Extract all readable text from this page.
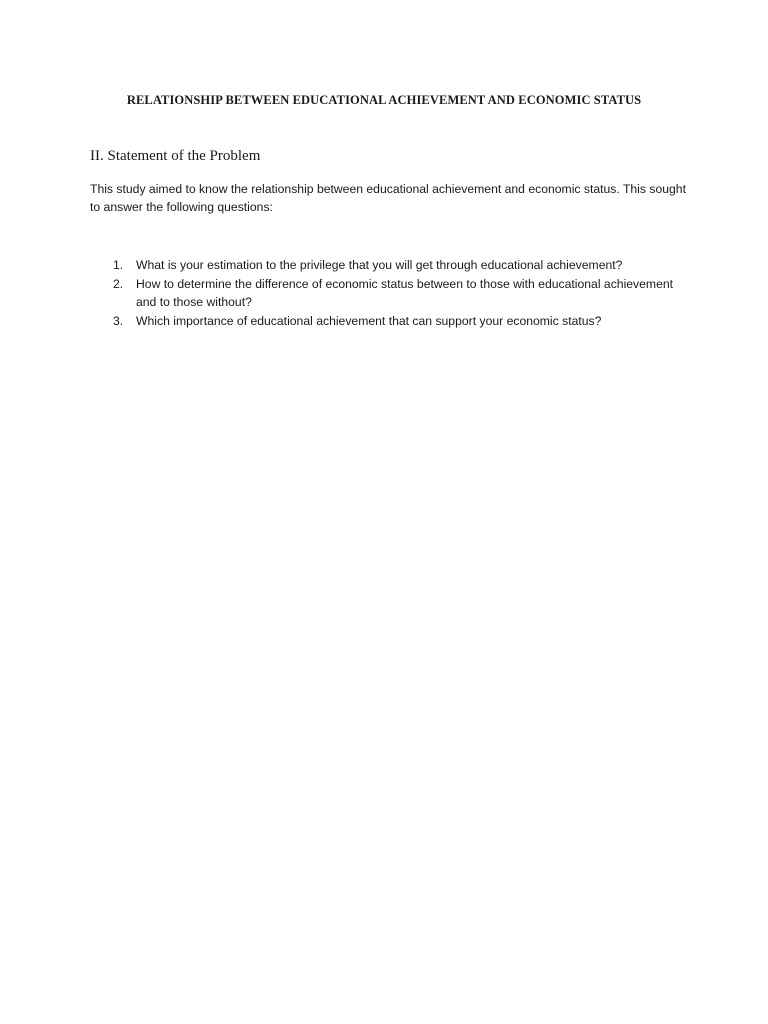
RELATIONSHIP BETWEEN EDUCATIONAL ACHIEVEMENT AND ECONOMIC STATUS
II. Statement of the Problem

This study aimed to know the relationship between educational achievement and economic status. This sought to answer the following questions:

1.	What is your estimation to the privilege that you will get through educational achievement?
2.	How to determine the difference of economic status between to those with educational achievement and to those without?
3.	Which importance of educational achievement that can support your economic status?
